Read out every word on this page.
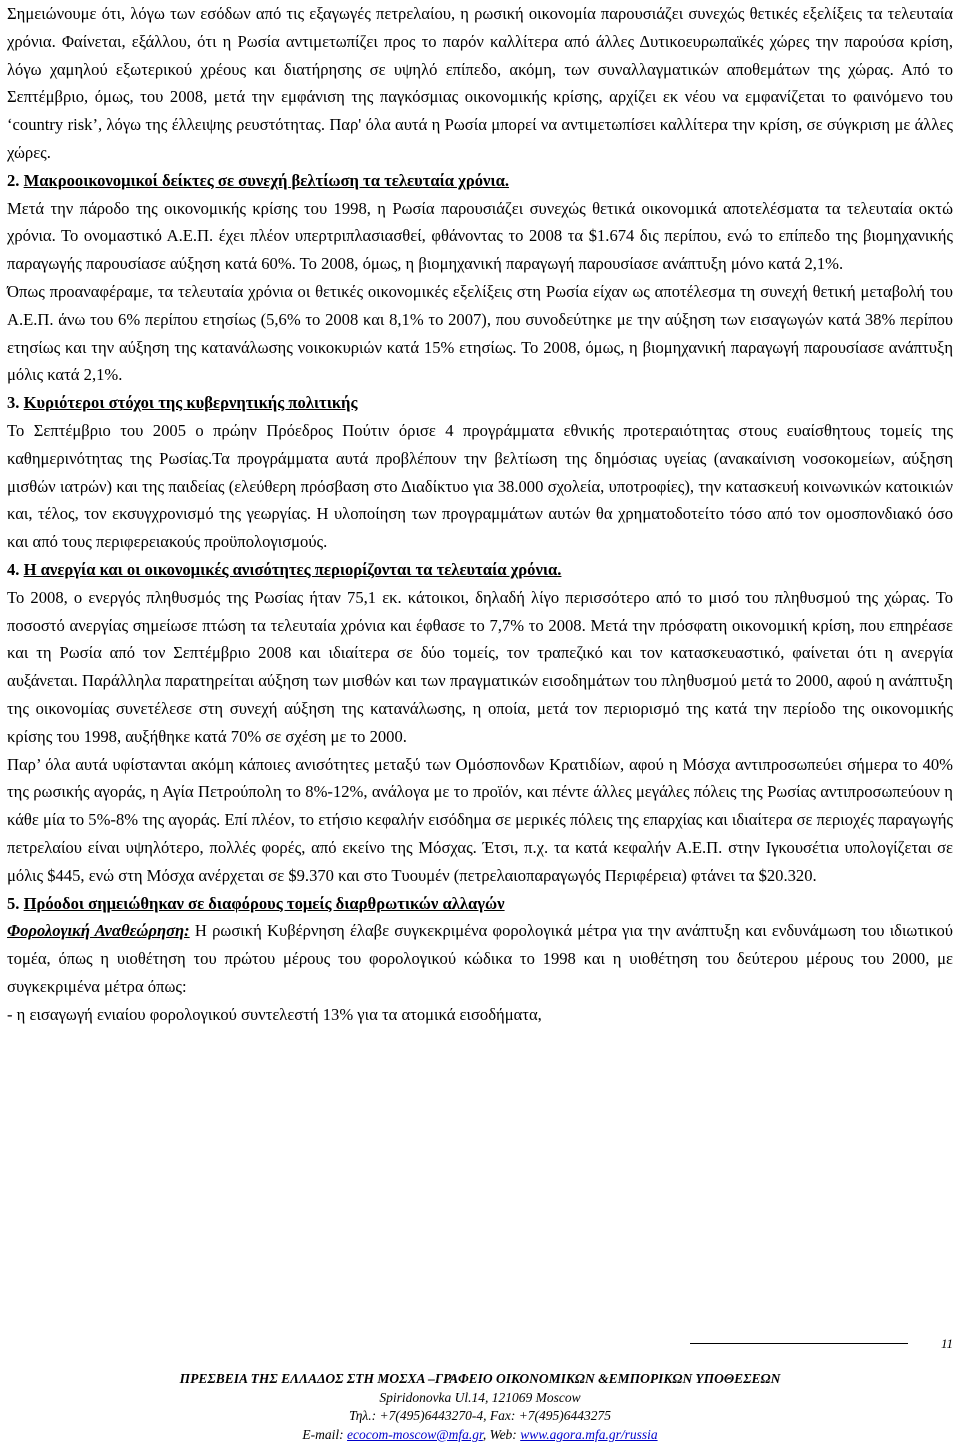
Σημειώνουμε ότι, λόγω των εσόδων από τις εξαγωγές πετρελαίου, η ρωσική οικονομία παρουσιάζει συνεχώς θετικές εξελίξεις τα τελευταία χρόνια. Φαίνεται, εξάλλου, ότι η Ρωσία αντιμετωπίζει προς το παρόν καλλίτερα από άλλες Δυτικοευρωπαϊκές χώρες την παρούσα κρίση, λόγω χαμηλού εξωτερικού χρέους και διατήρησης σε υψηλό επίπεδο, ακόμη, των συναλλαγματικών αποθεμάτων της χώρας. Από το Σεπτέμβριο, όμως, του 2008, μετά την εμφάνιση της παγκόσμιας οικονομικής κρίσης, αρχίζει εκ νέου να εμφανίζεται το φαινόμενο του ‘country risk’, λόγω της έλλειψης ρευστότητας. Παρ' όλα αυτά η Ρωσία μπορεί να αντιμετωπίσει καλλίτερα την κρίση, σε σύγκριση με άλλες χώρες.

2. Μακροοικονομικοί δείκτες σε συνεχή βελτίωση τα τελευταία χρόνια.

Μετά την πάροδο της οικονομικής κρίσης του 1998, η Ρωσία παρουσιάζει συνεχώς θετικά οικονομικά αποτελέσματα τα τελευταία οκτώ χρόνια. Το ονομαστικό Α.Ε.Π. έχει πλέον υπερτριπλασιασθεί, φθάνοντας το 2008 τα $1.674 δις περίπου, ενώ το επίπεδο της βιομηχανικής παραγωγής παρουσίασε αύξηση κατά 60%. Το 2008, όμως, η βιομηχανική παραγωγή παρουσίασε ανάπτυξη μόνο κατά 2,1%.

Όπως προαναφέραμε, τα τελευταία χρόνια οι θετικές οικονομικές εξελίξεις στη Ρωσία είχαν ως αποτέλεσμα τη συνεχή θετική μεταβολή του Α.Ε.Π. άνω του 6% περίπου ετησίως (5,6% το 2008 και 8,1% το 2007), που συνοδεύτηκε με την αύξηση των εισαγωγών κατά 38% περίπου ετησίως και την αύξηση της κατανάλωσης νοικοκυριών κατά 15% ετησίως. Το 2008, όμως, η βιομηχανική παραγωγή παρουσίασε ανάπτυξη μόλις κατά 2,1%.

3. Κυριότεροι στόχοι της κυβερνητικής πολιτικής

Το Σεπτέμβριο του 2005 ο πρώην Πρόεδρος Πούτιν όρισε 4 προγράμματα εθνικής προτεραιότητας στους ευαίσθητους τομείς της καθημερινότητας της Ρωσίας.Τα προγράμματα αυτά προβλέπουν την βελτίωση της δημόσιας υγείας (ανακαίνιση νοσοκομείων, αύξηση μισθών ιατρών) και της παιδείας (ελεύθερη πρόσβαση στο Διαδίκτυο για 38.000 σχολεία, υποτροφίες), την κατασκευή κοινωνικών κατοικιών και, τέλος, τον εκσυγχρονισμό της γεωργίας. Η υλοποίηση των προγραμμάτων αυτών θα χρηματοδοτείτο τόσο από τον ομοσπονδιακό όσο και από τους περιφερειακούς προϋπολογισμούς.

4. Η ανεργία και οι οικονομικές ανισότητες περιορίζονται τα τελευταία χρόνια.

Το 2008, ο ενεργός πληθυσμός της Ρωσίας ήταν 75,1 εκ. κάτοικοι, δηλαδή λίγο περισσότερο από το μισό του πληθυσμού της χώρας. Το ποσοστό ανεργίας σημείωσε πτώση τα τελευταία χρόνια και έφθασε το 7,7% το 2008. Μετά την πρόσφατη οικονομική κρίση, που επηρέασε και τη Ρωσία από τον Σεπτέμβριο 2008 και ιδιαίτερα σε δύο τομείς, τον τραπεζικό και τον κατασκευαστικό, φαίνεται ότι η ανεργία αυξάνεται. Παράλληλα παρατηρείται αύξηση των μισθών και των πραγματικών εισοδημάτων του πληθυσμού μετά το 2000, αφού η ανάπτυξη της οικονομίας συνετέλεσε στη συνεχή αύξηση της κατανάλωσης, η οποία, μετά τον περιορισμό της κατά την περίοδο της οικονομικής κρίσης του 1998, αυξήθηκε κατά 70% σε σχέση με το 2000.

Παρ’ όλα αυτά υφίστανται ακόμη κάποιες ανισότητες μεταξύ των Ομόσπονδων Κρατιδίων, αφού η Μόσχα αντιπροσωπεύει σήμερα το 40% της ρωσικής αγοράς, η Αγία Πετρούπολη το 8%-12%, ανάλογα με το προϊόν, και πέντε άλλες μεγάλες πόλεις της Ρωσίας αντιπροσωπεύουν η κάθε μία το 5%-8% της αγοράς. Επί πλέον, το ετήσιο κεφαλήν εισόδημα σε μερικές πόλεις της επαρχίας και ιδιαίτερα σε περιοχές παραγωγής πετρελαίου είναι υψηλότερο, πολλές φορές, από εκείνο της Μόσχας. Έτσι, π.χ. τα κατά κεφαλήν Α.Ε.Π. στην Ιγκουσέτια υπολογίζεται σε μόλις $445, ενώ στη Μόσχα ανέρχεται σε $9.370 και στο Τυουμέν (πετρελαιοπαραγωγός Περιφέρεια) φτάνει τα $20.320.

5. Πρόοδοι σημειώθηκαν σε διαφόρους τομείς διαρθρωτικών αλλαγών

Φορολογική Αναθεώρηση: Η ρωσική Κυβέρνηση έλαβε συγκεκριμένα φορολογικά μέτρα για την ανάπτυξη και ενδυνάμωση του ιδιωτικού τομέα, όπως η υιοθέτηση του πρώτου μέρους του φορολογικού κώδικα το 1998 και η υιοθέτηση του δεύτερου μέρους του 2000, με συγκεκριμένα μέτρα όπως:

- η εισαγωγή ενιαίου φορολογικού συντελεστή 13% για τα ατομικά εισοδήματα,

11
ΠΡΕΣΒΕΙΑ ΤΗΣ ΕΛΛΑΔΟΣ ΣΤΗ ΜΟΣΧΑ –ΓΡΑΦΕΙΟ ΟΙΚΟΝΟΜΙΚΩΝ &ΕΜΠΟΡΙΚΩΝ ΥΠΟΘΕΣΕΩΝ
Spiridonovka Ul.14, 121069 Moscow
Τηλ.: +7(495)6443270-4, Fax: +7(495)6443275
E-mail: ecocom-moscow@mfa.gr, Web: www.agora.mfa.gr/russia
